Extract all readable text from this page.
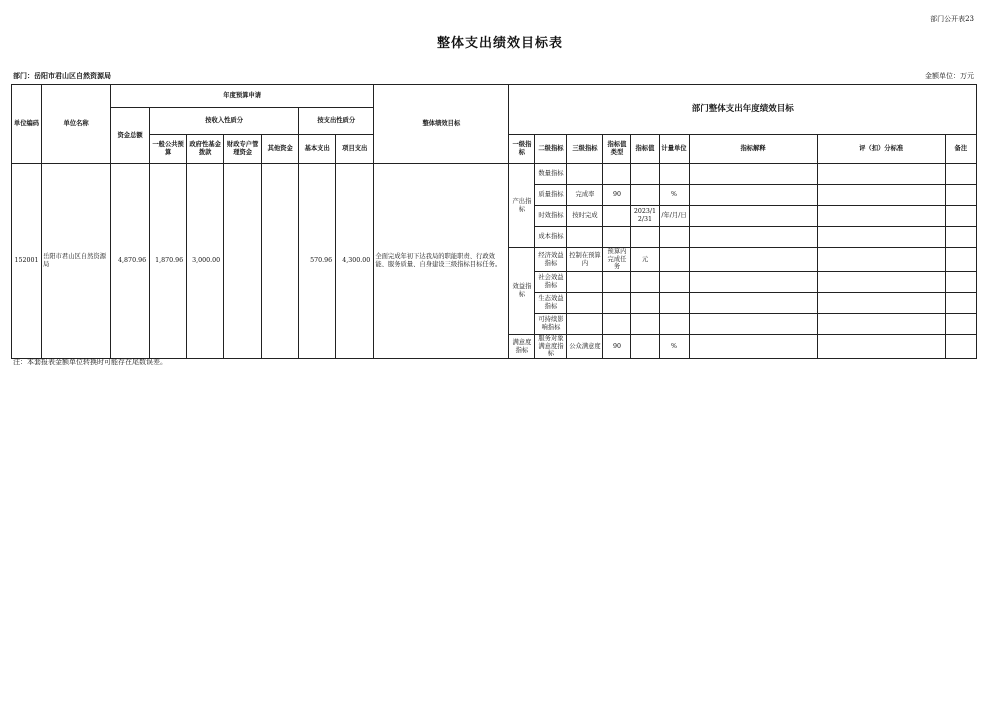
部门公开表23
整体支出绩效目标表
部门：岳阳市君山区自然资源局	金额单位：万元
单位编码	单位名称	年度预算申请							整体绩效目标	部门整体支出年度绩效目标								
		资金总额	按收入性质分				按支出性质分											
			一般公共预算	政府性基金拨款	财政专户管理资金	其他资金	基本支出	项目支出		一级指标	二级指标	三级指标	指标值类型	指标值	计量单位	指标解释	评（扣）分标准	备注
152001	岳阳市君山区自然资源局	4,870.96	1,870.96	3,000.00			570.96	4,300.00	全面完成年初下达我局的职能职责、行政效能、服务质量、自身建设三级指标目标任务。	产出指标	数量指标							
											质量指标	完成率	90		%			
											时效指标	按时完成		2023/12/31	/年/月/日			
											成本指标							
										效益指标	经济效益指标	控制在预算内	预算内完成任务	元				
											社会效益指标							
											生态效益指标							
											可持续影响指标							
										满意度指标	服务对象满意度指标	公众满意度	90		%			
注：本套报表金额单位转换时可能存在尾数误差。
